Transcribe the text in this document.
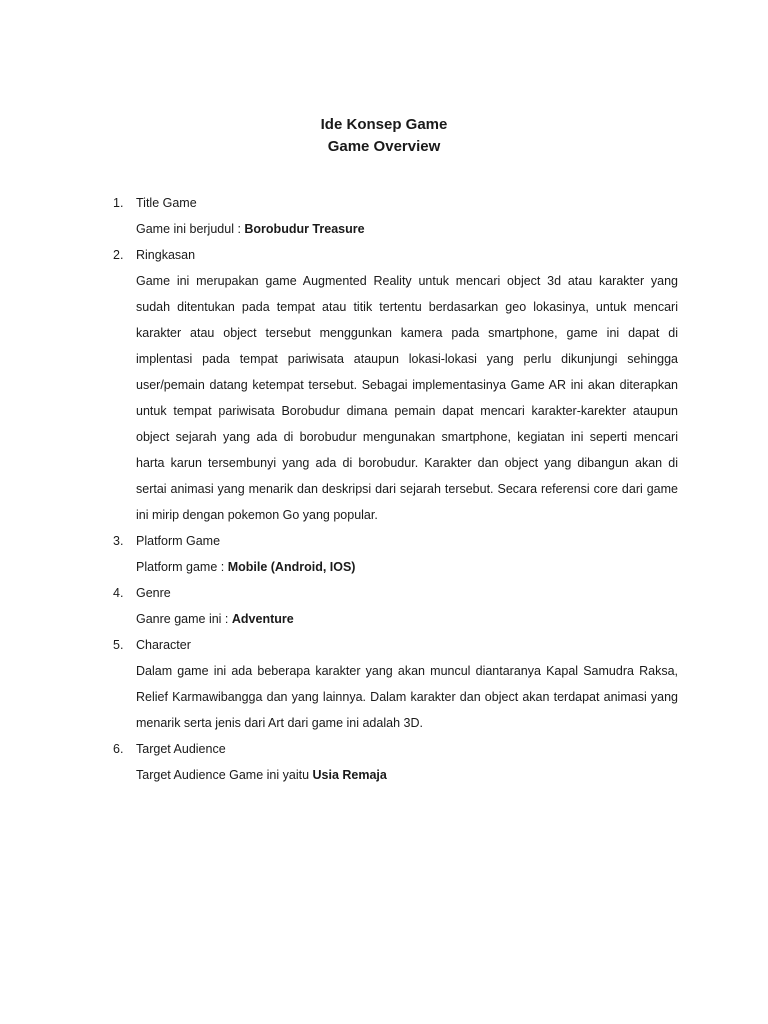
Ide Konsep Game
Game Overview
1.	Title Game
Game ini berjudul : Borobudur Treasure
2.	Ringkasan
Game ini merupakan game Augmented Reality untuk mencari object 3d atau karakter yang
sudah ditentukan pada tempat atau titik tertentu berdasarkan geo lokasinya, untuk mencari
karakter atau object tersebut menggunkan kamera pada smartphone, game ini dapat di
implentasi pada tempat pariwisata ataupun lokasi-lokasi yang perlu dikunjungi sehingga
user/pemain datang ketempat tersebut. Sebagai implementasinya Game AR ini akan diterapkan
untuk tempat pariwisata Borobudur dimana pemain dapat mencari karakter-karekter ataupun
object sejarah yang ada di borobudur mengunakan smartphone, kegiatan ini seperti mencari
harta karun tersembunyi yang ada di borobudur. Karakter dan object yang dibangun akan di
sertai animasi yang menarik dan deskripsi dari sejarah tersebut. Secara referensi core dari game
ini mirip dengan pokemon Go yang popular.
3.	Platform Game
Platform game : Mobile (Android, IOS)
4.	Genre
Ganre game ini : Adventure
5.	Character
Dalam game ini ada beberapa karakter yang akan muncul diantaranya Kapal Samudra Raksa,
Relief Karmawibangga dan yang lainnya. Dalam karakter dan object akan terdapat animasi yang
menarik serta jenis dari Art dari game ini adalah 3D.
6.	Target Audience
Target Audience Game ini yaitu Usia Remaja
